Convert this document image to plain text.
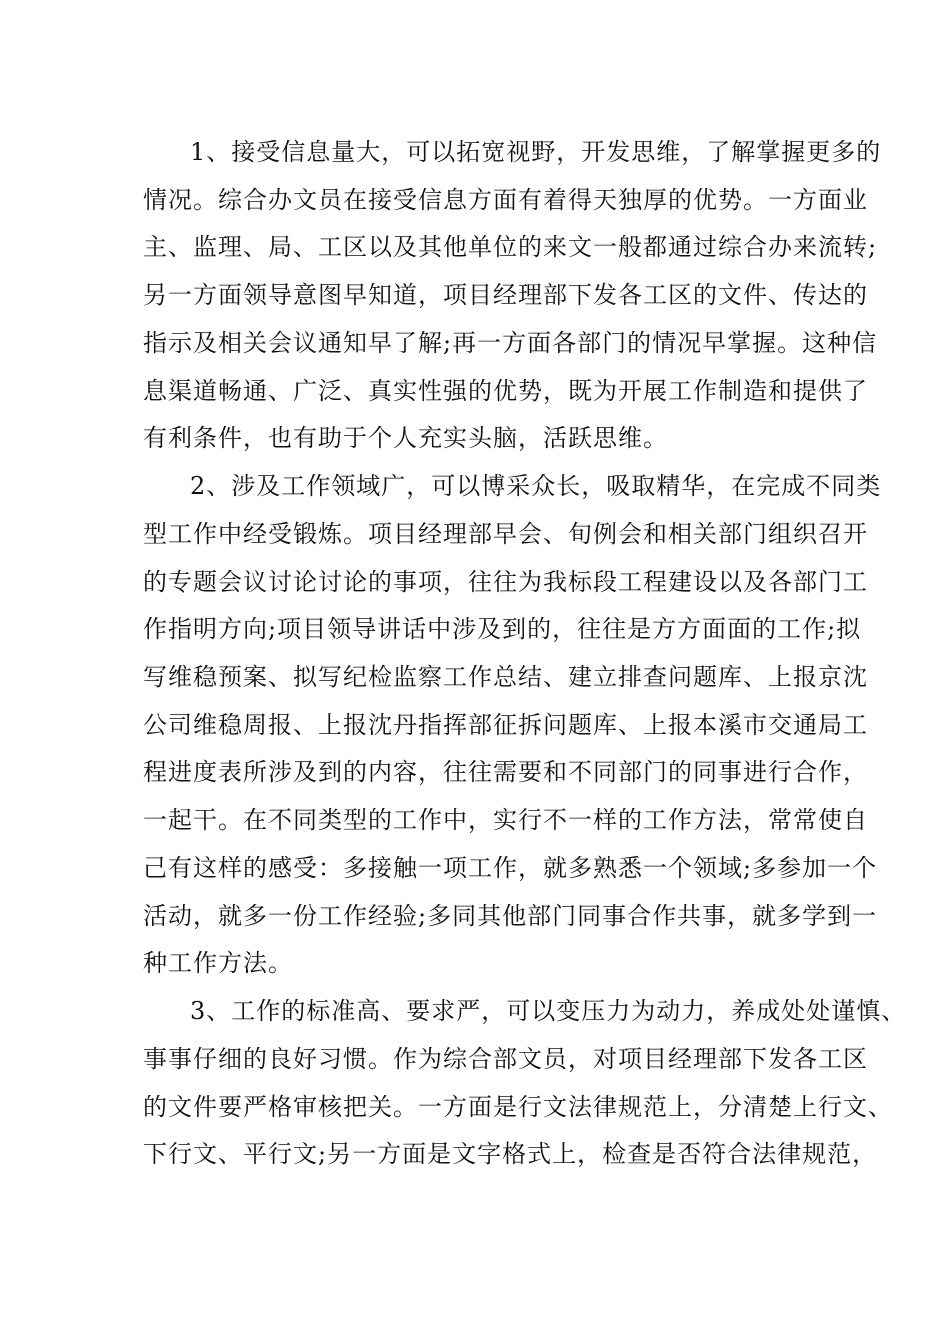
1、接受信息量大，可以拓宽视野，开发思维，了解掌握更多的
情况。综合办文员在接受信息方面有着得天独厚的优势。一方面业
主、监理、局、工区以及其他单位的来文一般都通过综合办来流转;
另一方面领导意图早知道，项目经理部下发各工区的文件、传达的
指示及相关会议通知早了解;再一方面各部门的情况早掌握。这种信
息渠道畅通、广泛、真实性强的优势，既为开展工作制造和提供了
有利条件，也有助于个人充实头脑，活跃思维。
2、涉及工作领域广，可以博采众长，吸取精华，在完成不同类
型工作中经受锻炼。项目经理部早会、旬例会和相关部门组织召开
的专题会议讨论讨论的事项，往往为我标段工程建设以及各部门工
作指明方向;项目领导讲话中涉及到的，往往是方方面面的工作;拟
写维稳预案、拟写纪检监察工作总结、建立排查问题库、上报京沈
公司维稳周报、上报沈丹指挥部征拆问题库、上报本溪市交通局工
程进度表所涉及到的内容，往往需要和不同部门的同事进行合作，
一起干。在不同类型的工作中，实行不一样的工作方法，常常使自
己有这样的感受：多接触一项工作，就多熟悉一个领域;多参加一个
活动，就多一份工作经验;多同其他部门同事合作共事，就多学到一
种工作方法。
3、工作的标准高、要求严，可以变压力为动力，养成处处谨慎、
事事仔细的良好习惯。作为综合部文员，对项目经理部下发各工区
的文件要严格审核把关。一方面是行文法律规范上，分清楚上行文、
下行文、平行文;另一方面是文字格式上，检查是否符合法律规范，
